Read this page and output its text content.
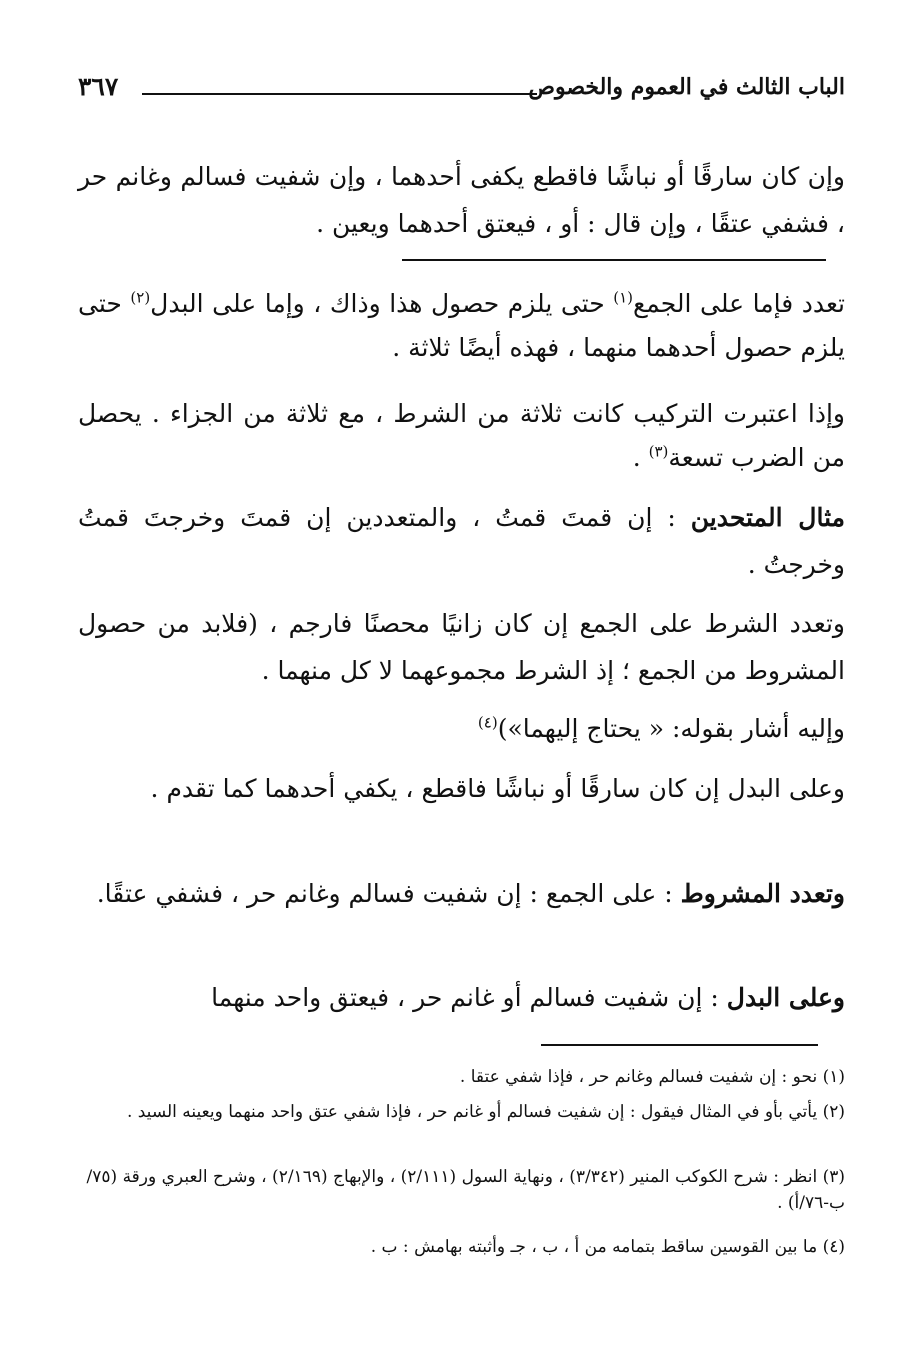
الباب الثالث في العموم والخصوص
٣٦٧
وإن كان سارقًا أو نباشًا فاقطع يكفى أحدهما ، وإن شفيت فسالم وغانم حر ، فشفي عتقًا ، وإن قال : أو ، فيعتق أحدهما ويعين .
تعدد فإما على الجمع$^{(١)}$ حتى يلزم حصول هذا وذاك ، وإما على البدل$^{(٢)}$ حتى يلزم حصول أحدهما منهما ، فهذه أيضًا ثلاثة .
وإذا اعتبرت التركيب كانت ثلاثة من الشرط ، مع ثلاثة من الجزاء . يحصل من الضرب تسعة$^{(٣)}$ .
مثال المتحدين : إن قمتَ قمتُ ، والمتعددين إن قمتَ وخرجتَ قمتُ وخرجتُ .
وتعدد الشرط على الجمع إن كان زانيًا محصنًا فارجم ، (فلابد من حصول المشروط من الجمع ؛ إذ الشرط مجموعهما لا كل منهما .
وإليه أشار بقوله: « يحتاج إليهما»)$^{(٤)}$
وعلى البدل إن كان سارقًا أو نباشًا فاقطع ، يكفي أحدهما كما تقدم .
وتعدد المشروط : على الجمع : إن شفيت فسالم وغانم حر ، فشفي عتقًا.
وعلى البدل : إن شفيت فسالم أو غانم حر ، فيعتق واحد منهما
(١) نحو : إن شفيت فسالم وغانم حر ، فإذا شفي عتقا .
(٢) يأتي بأو في المثال فيقول : إن شفيت فسالم أو غانم حر ، فإذا شفي عتق واحد منهما ويعينه السيد .
(٣) انظر : شرح الكوكب المنير (٣/٣٤٢) ، ونهاية السول (٢/١١١) ، والإبهاج (٢/١٦٩) ، وشرح العبري ورقة (٧٥/ب-٧٦/أ) .
(٤) ما بين القوسين ساقط بتمامه من أ ، ب ، جـ وأثبته بهامش : ب .
